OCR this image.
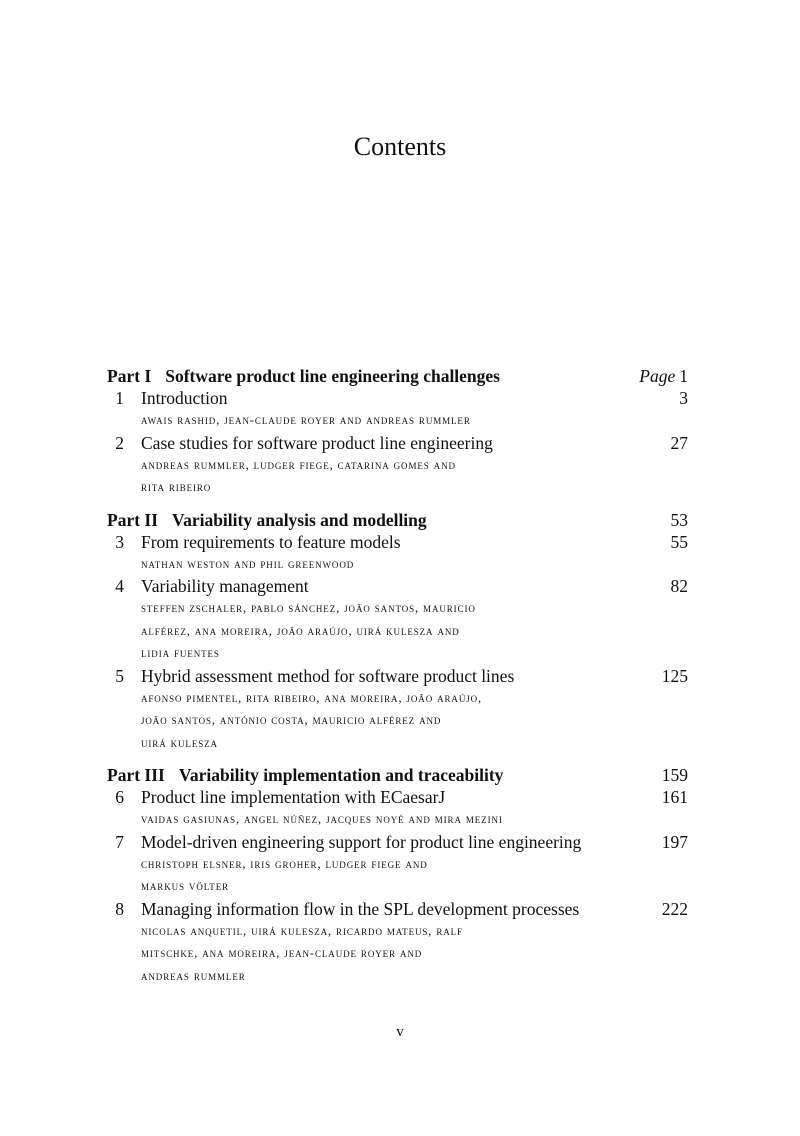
Contents
Part I Software product line engineering challenges	Page 1
1 Introduction	3
awais rashid, jean-claude royer and andreas rummler
2 Case studies for software product line engineering	27
andreas rummler, ludger fiege, catarina gomes and
rita ribeiro
Part II Variability analysis and modelling	53
3 From requirements to feature models	55
nathan weston and phil greenwood
4 Variability management	82
steffen zschaler, pablo sánchez, joão santos, mauricio
alférez, ana moreira, joão araújo, uirá kulesza and
lidia fuentes
5 Hybrid assessment method for software product lines	125
afonso pimentel, rita ribeiro, ana moreira, joão araújo,
joão santos, antónio costa, mauricio alférez and
uirá kulesza
Part III Variability implementation and traceability	159
6 Product line implementation with ECaesarJ	161
vaidas gasiunas, angel núñez, jacques noyé and mira mezini
7 Model-driven engineering support for product line engineering	197
christoph elsner, iris groher, ludger fiege and
markus völter
8 Managing information flow in the SPL development processes	222
nicolas anquetil, uirá kulesza, ricardo mateus, ralf
mitschke, ana moreira, jean-claude royer and
andreas rummler
v
